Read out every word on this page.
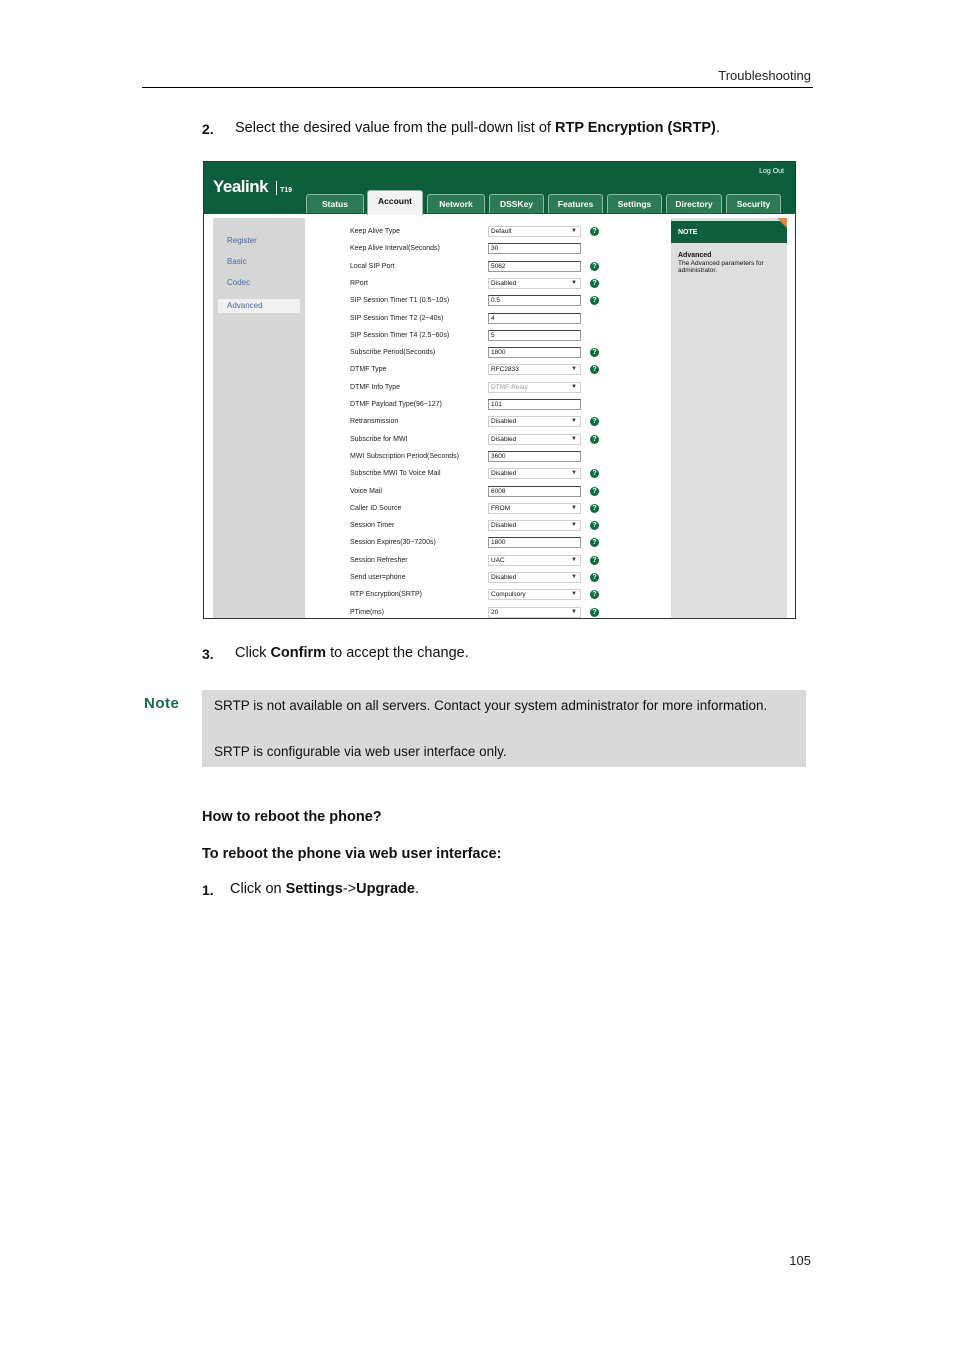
Troubleshooting
2. Select the desired value from the pull-down list of RTP Encryption (SRTP).
Yealink T19
Log Out
Status	Account	Network	DSSKey	Features	Settings	Directory	Security
Register
Basic
Codec
Advanced
Keep Alive Type	Default	▼	?
Keep Alive Interval(Seconds)	30
Local SIP Port	5062	?
RPort	Disabled	▼	?
SIP Session Timer T1 (0.5~10s)	0.5	?
SIP Session Timer T2 (2~40s)	4
SIP Session Timer T4 (2.5~60s)	5
Subscribe Period(Seconds)	1800	?
DTMF Type	RFC2833	▼	?
DTMF Info Type	DTMF-Relay	▼
DTMF Payload Type(96~127)	101
Retransmission	Disabled	▼	?
Subscribe for MWI	Disabled	▼	?
MWI Subscription Period(Seconds)	3600
Subscribe MWI To Voice Mail	Disabled	▼	?
Voice Mail	6008	?
Caller ID Source	FROM	▼	?
Session Timer	Disabled	▼	?
Session Expires(30~7200s)	1800	?
Session Refresher	UAC	▼	?
Send user=phone	Disabled	▼	?
RTP Encryption(SRTP)	Compulsory	▼	?
PTime(ms)	20	▼	?
NOTE
Advanced
The Advanced parameters for administrator.
3. Click Confirm to accept the change.
Note	SRTP is not available on all servers. Contact your system administrator for more information.
SRTP is configurable via web user interface only.
How to reboot the phone?
To reboot the phone via web user interface:
1. Click on Settings->Upgrade.
105
